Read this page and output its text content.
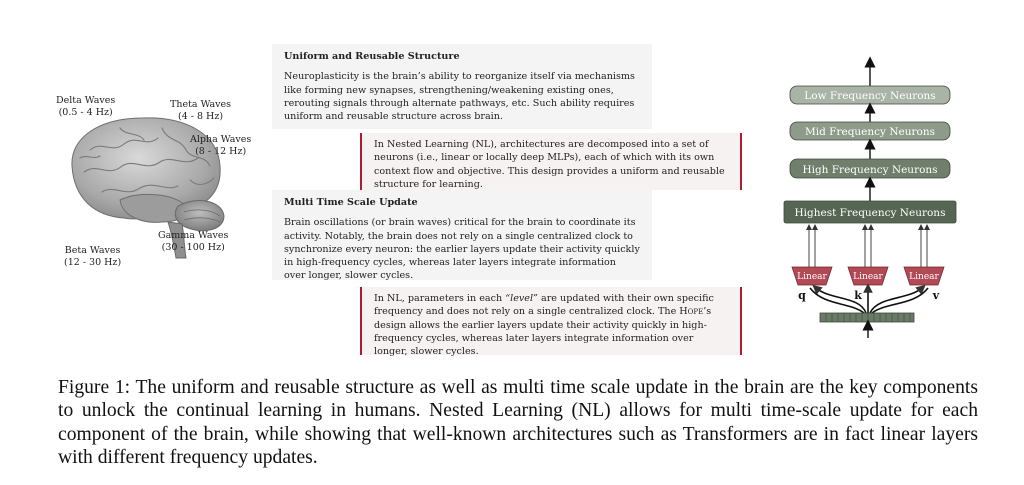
Delta Waves
(0.5 - 4 Hz)
Theta Waves
(4 - 8 Hz)
Alpha Waves
(8 - 12 Hz)
Gamma Waves
(30 - 100 Hz)
Beta Waves
(12 - 30 Hz)
Uniform and Reusable Structure
Neuroplasticity is the brain’s ability to reorganize itself via mechanisms like forming new synapses, strengthening/weakening existing ones, rerouting signals through alternate pathways, etc. Such ability requires uniform and reusable structure across brain.
In Nested Learning (NL), architectures are decomposed into a set of neurons (i.e., linear or locally deep MLPs), each of which with its own context flow and objective. This design provides a uniform and reusable structure for learning.
Multi Time Scale Update
Brain oscillations (or brain waves) critical for the brain to coordinate its activity. Notably, the brain does not rely on a single centralized clock to synchronize every neuron: the earlier layers update their activity quickly in high-frequency cycles, whereas later layers integrate information over longer, slower cycles.
In NL, parameters in each “level” are updated with their own specific frequency and does not rely on a single centralized clock. The Hope’s design allows the earlier layers update their activity quickly in high-frequency cycles, whereas later layers integrate information over longer, slower cycles.
Low Frequency Neurons
Mid Frequency Neurons
High Frequency Neurons
Highest Frequency Neurons
Linear	Linear	Linear
q	k	v
Figure 1: The uniform and reusable structure as well as multi time scale update in the brain are the key components to unlock the continual learning in humans. Nested Learning (NL) allows for multi time-scale update for each component of the brain, while showing that well-known architectures such as Transformers are in fact linear layers with different frequency updates.
